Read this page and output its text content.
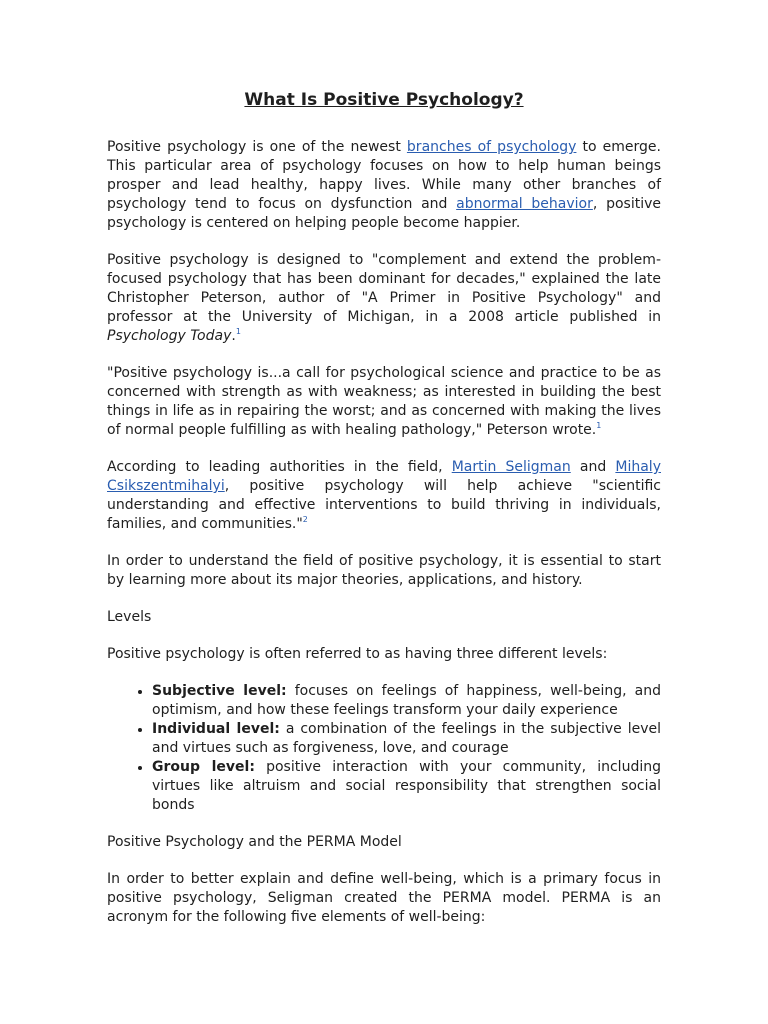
What Is Positive Psychology?

Positive psychology is one of the newest branches of psychology to emerge. This particular area of psychology focuses on how to help human beings prosper and lead healthy, happy lives. While many other branches of psychology tend to focus on dysfunction and abnormal behavior, positive psychology is centered on helping people become happier.

Positive psychology is designed to "complement and extend the problem-focused psychology that has been dominant for decades," explained the late Christopher Peterson, author of "A Primer in Positive Psychology" and professor at the University of Michigan, in a 2008 article published in Psychology Today.$^1$

"Positive psychology is...a call for psychological science and practice to be as concerned with strength as with weakness; as interested in building the best things in life as in repairing the worst; and as concerned with making the lives of normal people fulfilling as with healing pathology," Peterson wrote.$^1$

According to leading authorities in the field, Martin Seligman and Mihaly Csikszentmihalyi, positive psychology will help achieve "scientific understanding and effective interventions to build thriving in individuals, families, and communities."$^2$

In order to understand the field of positive psychology, it is essential to start by learning more about its major theories, applications, and history.

Levels

Positive psychology is often referred to as having three different levels:

• Subjective level: focuses on feelings of happiness, well-being, and optimism, and how these feelings transform your daily experience
• Individual level: a combination of the feelings in the subjective level and virtues such as forgiveness, love, and courage
• Group level: positive interaction with your community, including virtues like altruism and social responsibility that strengthen social bonds

Positive Psychology and the PERMA Model

In order to better explain and define well-being, which is a primary focus in positive psychology, Seligman created the PERMA model. PERMA is an acronym for the following five elements of well-being:
